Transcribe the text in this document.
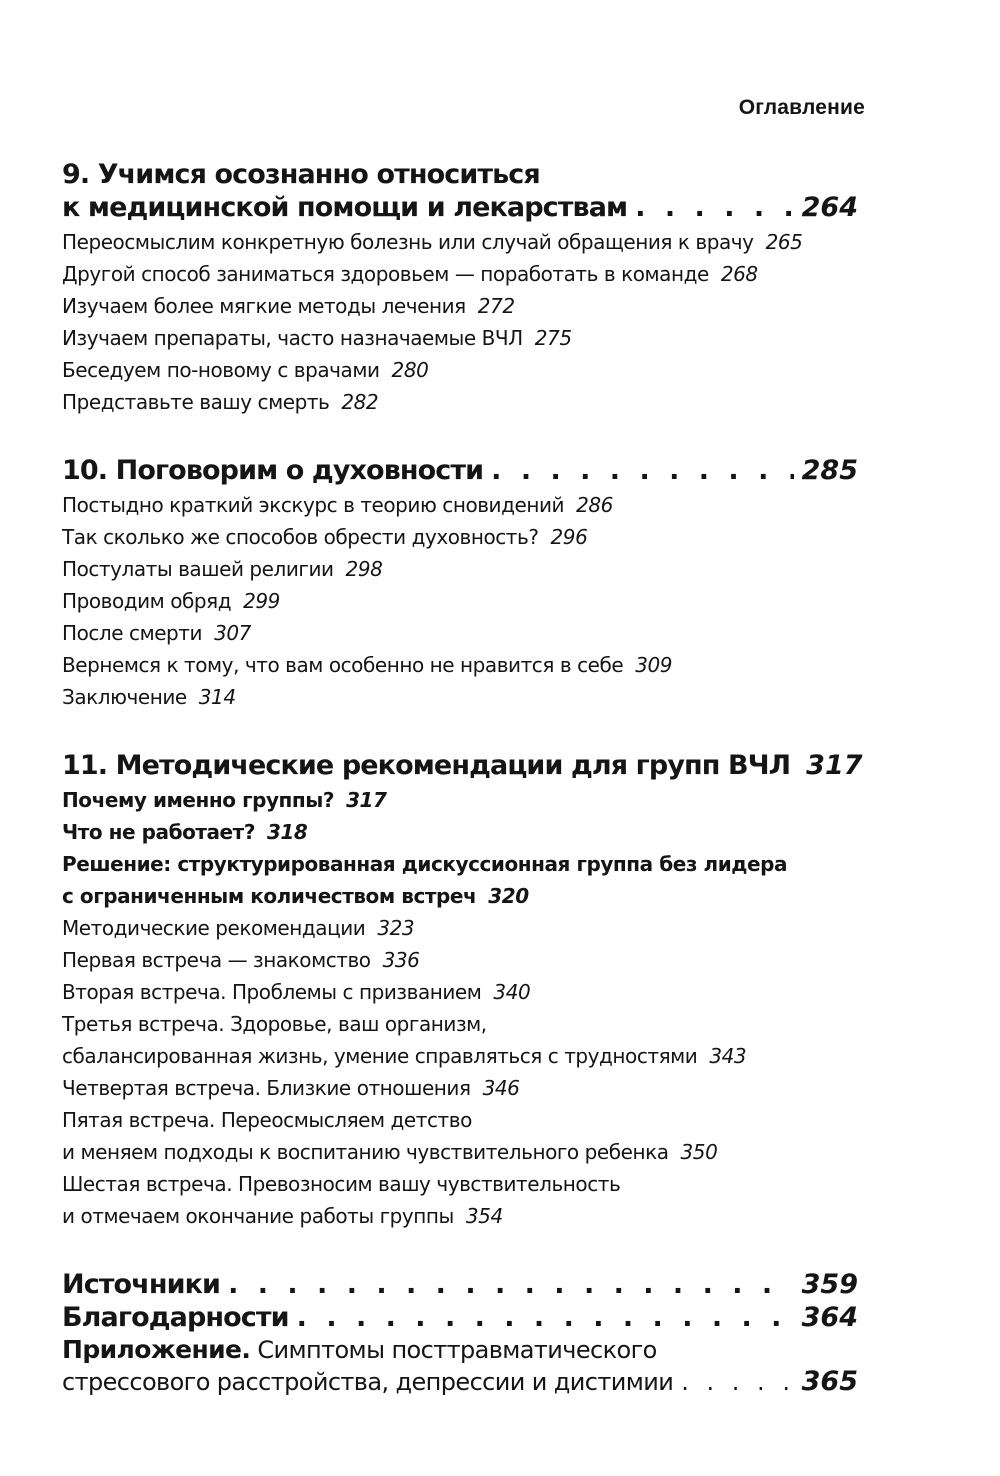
Оглавление
9. Учимся осознанно относиться
к медицинской помощи и лекарствам . . .	264
Переосмыслим конкретную болезнь или случай обращения к врачу 265
Другой способ заниматься здоровьем — поработать в команде 268
Изучаем более мягкие методы лечения 272
Изучаем препараты, часто назначаемые ВЧЛ 275
Беседуем по-новому с врачами 280
Представьте вашу смерть 282
10. Поговорим о духовности . . .	285
Постыдно краткий экскурс в теорию сновидений 286
Так сколько же способов обрести духовность? 296
Постулаты вашей религии 298
Проводим обряд 299
После смерти 307
Вернемся к тому, что вам особенно не нравится в себе 309
Заключение 314
11. Методические рекомендации для групп ВЧЛ 317
Почему именно группы? 317
Что не работает? 318
Решение: структурированная дискуссионная группа без лидера
с ограниченным количеством встреч 320
Методические рекомендации 323
Первая встреча — знакомство 336
Вторая встреча. Проблемы с призванием 340
Третья встреча. Здоровье, ваш организм,
сбалансированная жизнь, умение справляться с трудностями 343
Четвертая встреча. Близкие отношения 346
Пятая встреча. Переосмысляем детство
и меняем подходы к воспитанию чувствительного ребенка 350
Шестая встреча. Превозносим вашу чувствительность
и отмечаем окончание работы группы 354
Источники . . .	359
Благодарности . . .	364
Приложение. Симптомы посттравматического
стрессового расстройства, депрессии и дистимии . . .	365
